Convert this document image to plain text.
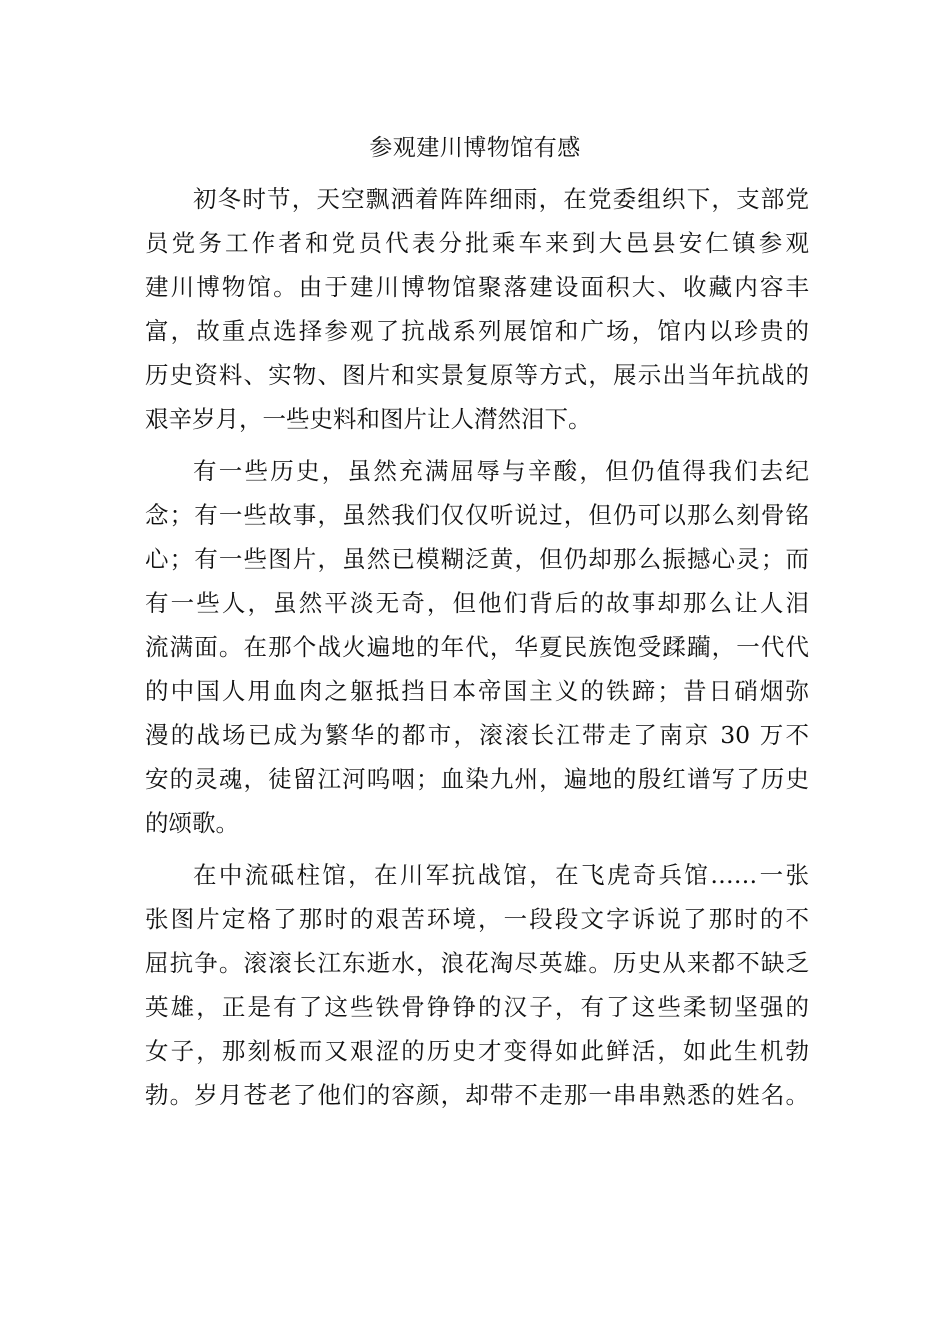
参观建川博物馆有感
初冬时节，天空飘洒着阵阵细雨，在党委组织下，支部党
员党务工作者和党员代表分批乘车来到大邑县安仁镇参观
建川博物馆。由于建川博物馆聚落建设面积大、收藏内容丰
富，故重点选择参观了抗战系列展馆和广场，馆内以珍贵的
历史资料、实物、图片和实景复原等方式，展示出当年抗战的
艰辛岁月，一些史料和图片让人潸然泪下。
有一些历史，虽然充满屈辱与辛酸，但仍值得我们去纪
念；有一些故事，虽然我们仅仅听说过，但仍可以那么刻骨铭
心；有一些图片，虽然已模糊泛黄，但仍却那么振撼心灵；而
有一些人，虽然平淡无奇，但他们背后的故事却那么让人泪
流满面。在那个战火遍地的年代，华夏民族饱受蹂躏，一代代
的中国人用血肉之躯抵挡日本帝国主义的铁蹄；昔日硝烟弥
漫的战场已成为繁华的都市，滚滚长江带走了南京 30 万不
安的灵魂，徒留江河呜咽；血染九州，遍地的殷红谱写了历史
的颂歌。
在中流砥柱馆，在川军抗战馆，在飞虎奇兵馆……一张
张图片定格了那时的艰苦环境，一段段文字诉说了那时的不
屈抗争。滚滚长江东逝水，浪花淘尽英雄。历史从来都不缺乏
英雄，正是有了这些铁骨铮铮的汉子，有了这些柔韧坚强的
女子，那刻板而又艰涩的历史才变得如此鲜活，如此生机勃
勃。岁月苍老了他们的容颜，却带不走那一串串熟悉的姓名。
